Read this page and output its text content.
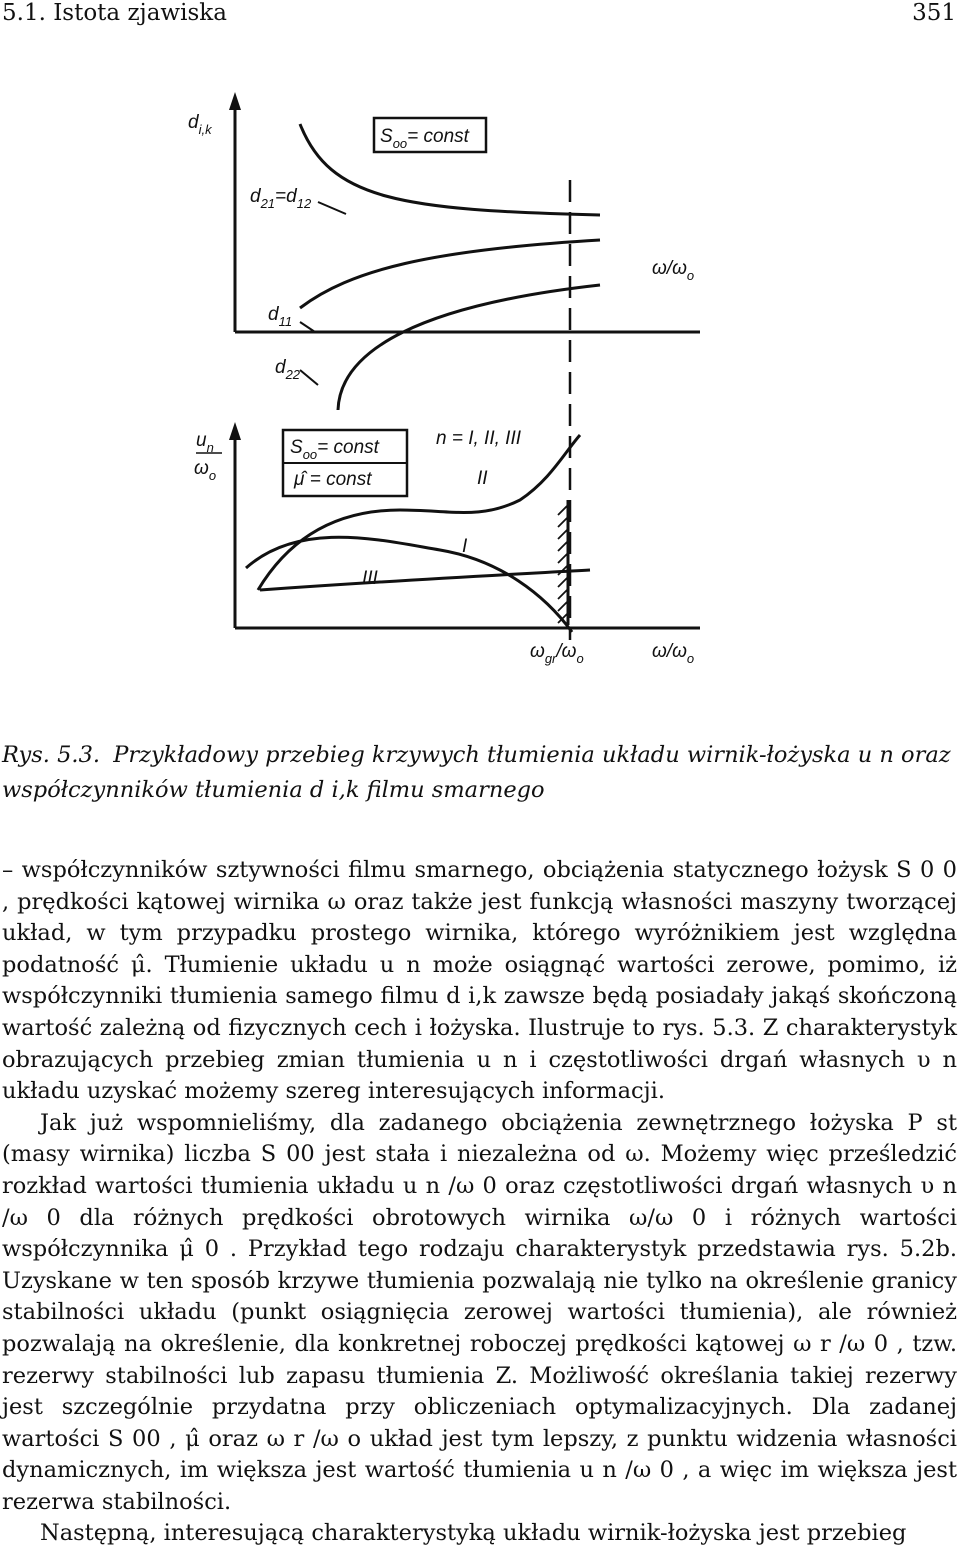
5.1. Istota zjawiska	351
$d_{i,k}$	$S_{oo}=$ const
$d_{21}=d_{12}$
$\omega/\omega_o$
$d_{11}$
$d_{22}$
$u_n$
$\omega_o$
$S_{oo}=$ const
μ̂ = const
n = I, II, III
II
I
III
$\omega_{gr}/\omega_o$	$\omega/\omega_o$
Rys. 5.3. Przykładowy przebieg krzywych tłumienia układu wirnik-łożyska u n oraz współczynników tłumienia d i,k filmu smarnego

– współczynników sztywności filmu smarnego, obciążenia statycznego łożysk S 0 0 , prędkości kątowej wirnika ω oraz także jest funkcją własności maszyny tworzącej układ, w tym przypadku prostego wirnika, którego wyróżnikiem jest względna podatność μ̂. Tłumienie układu u n może osiągnąć wartości zerowe, pomimo, iż współczynniki tłumienia samego filmu d i,k zawsze będą posiadały jakąś skończoną wartość zależną od fizycznych cech i łożyska. Ilustruje to rys. 5.3. Z charakterystyk obrazujących przebieg zmian tłumienia u n i częstotliwości drgań własnych υ n układu uzyskać możemy szereg interesujących informacji.

Jak już wspomnieliśmy, dla zadanego obciążenia zewnętrznego łożyska P st (masy wirnika) liczba S 00 jest stała i niezależna od ω. Możemy więc prześledzić rozkład wartości tłumienia układu u n /ω 0 oraz częstotliwości drgań własnych υ n /ω 0 dla różnych prędkości obrotowych wirnika ω/ω 0 i różnych wartości współczynnika μ̂ 0 . Przykład tego rodzaju charakterystyk przedstawia rys. 5.2b. Uzyskane w ten sposób krzywe tłumienia pozwalają nie tylko na określenie granicy stabilności układu (punkt osiągnięcia zerowej wartości tłumienia), ale również pozwalają na określenie, dla konkretnej roboczej prędkości kątowej ω r /ω 0 , tzw. rezerwy stabilności lub zapasu tłumienia Z. Możliwość określania takiej rezerwy jest szczególnie przydatna przy obliczeniach optymalizacyjnych. Dla zadanej wartości S 00 , μ̂ oraz ω r /ω o układ jest tym lepszy, z punktu widzenia własności dynamicznych, im większa jest wartość tłumienia u n /ω 0 , a więc im większa jest rezerwa stabilności.

Następną, interesującą charakterystyką układu wirnik-łożyska jest przebieg
